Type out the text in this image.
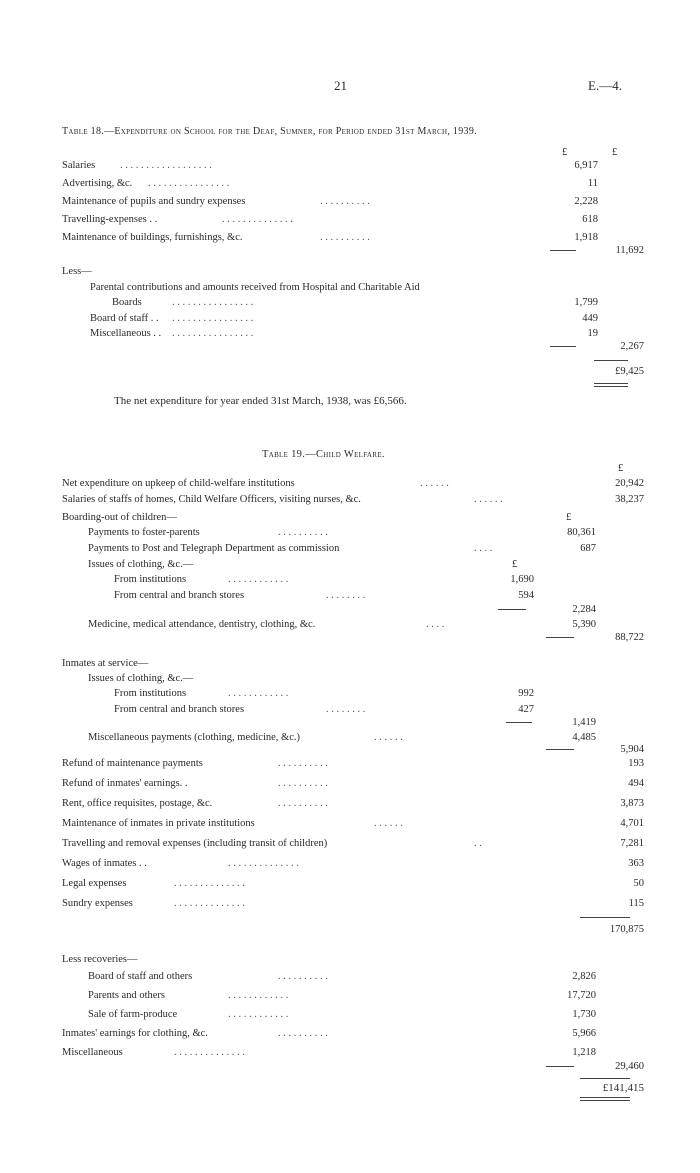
21	E.—4.
Table 18.—Expenditure on School for the Deaf, Sumner, for Period ended 31st March, 1939.
£	£
Salaries . . . . . . . . . . . . . . . . . .	6,917
Advertising, &c. . . . . . . . . . . . . . . . .	11
Maintenance of pupils and sundry expenses	. . . . . . . . . .	2,228
Travelling-expenses . .	. . . . . . . . . . . . . .	618
Maintenance of buildings, furnishings, &c.	. . . . . . . . . .	1,918
11,692
Less—
Parental contributions and amounts received from Hospital and Charitable Aid
Boards	. . . . . . . . . . . . . . . .	1,799
Board of staff . . . . . . . . . . . . . . . . . .	449
Miscellaneous . . . . . . . . . . . . . . . . . .	19
2,267
£9,425
The net expenditure for year ended 31st March, 1938, was £6,566.
Table 19.—Child Welfare.
£
Net expenditure on upkeep of child-welfare institutions	. . . . . .	20,942
Salaries of staffs of homes, Child Welfare Officers, visiting nurses, &c.	. . . . . .	38,237
Boarding-out of children—	£
Payments to foster-parents	. . . . . . . . . .	80,361
Payments to Post and Telegraph Department as commission	. . . .	687
Issues of clothing, &c.—	£
From institutions	. . . . . . . . . . . .	1,690
From central and branch stores	. . . . . . . .	594
2,284
Medicine, medical attendance, dentistry, clothing, &c.	. . . .	5,390
88,722
Inmates at service—
Issues of clothing, &c.—
From institutions	. . . . . . . . . . . .	992
From central and branch stores	. . . . . . . .	427
1,419
Miscellaneous payments (clothing, medicine, &c.)	. . . . . .	4,485
5,904
Refund of maintenance payments	. . . . . . . . . .	193
Refund of inmates' earnings. .	. . . . . . . . . .	494
Rent, office requisites, postage, &c.	. . . . . . . . . .	3,873
Maintenance of inmates in private institutions	. . . . . .	4,701
Travelling and removal expenses (including transit of children)	. .	7,281
Wages of inmates . .	. . . . . . . . . . . . . .	363
Legal expenses	. . . . . . . . . . . . . .	50
Sundry expenses	. . . . . . . . . . . . . .	115
170,875
Less recoveries—
Board of staff and others	. . . . . . . . . .	2,826
Parents and others	. . . . . . . . . . . .	17,720
Sale of farm-produce	. . . . . . . . . . . .	1,730
Inmates' earnings for clothing, &c.	. . . . . . . . . .	5,966
Miscellaneous	. . . . . . . . . . . . . .	1,218
29,460
£141,415
